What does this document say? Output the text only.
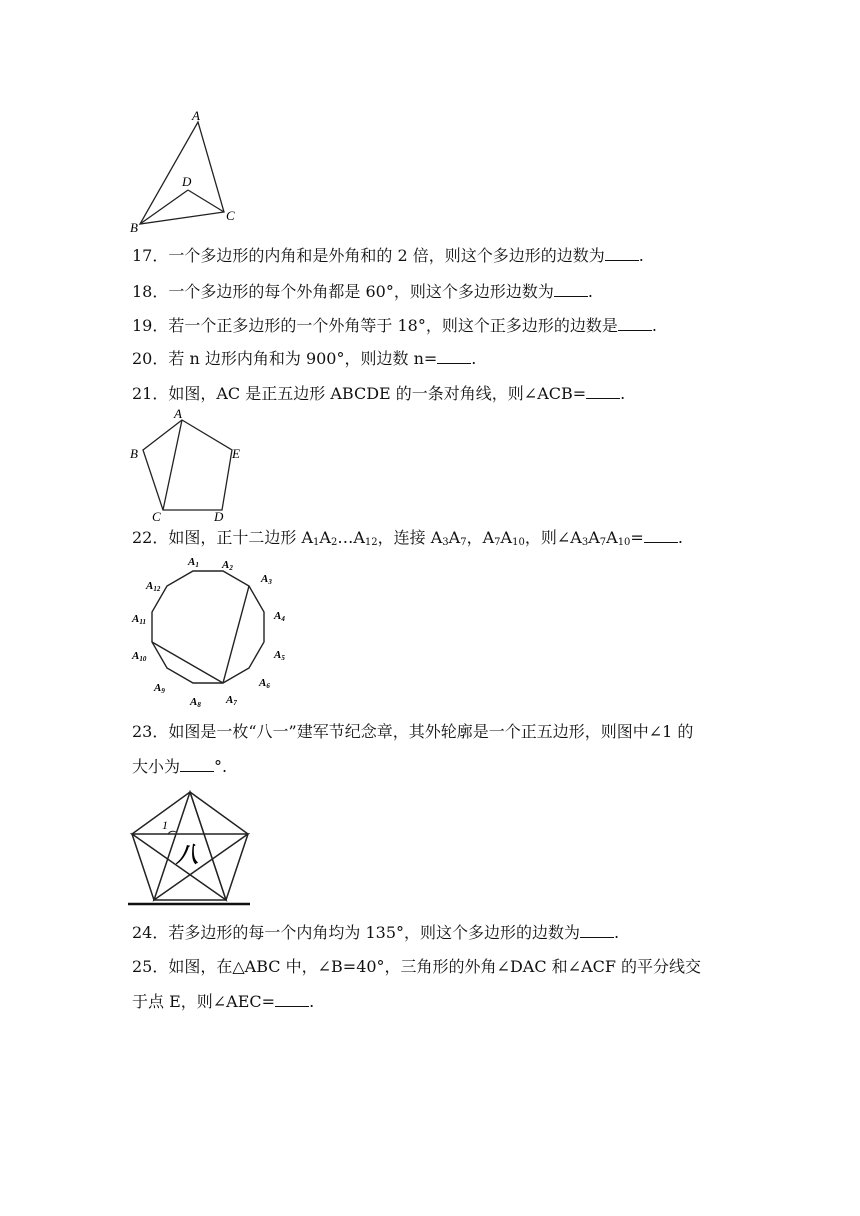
A
B
C
D
17．一个多边形的内角和是外角和的 2 倍，则这个多边形的边数为 .
18．一个多边形的每个外角都是 60°，则这个多边形边数为 .
19．若一个正多边形的一个外角等于 18°，则这个正多边形的边数是 .
20．若 n 边形内角和为 900°，则边数 n= .
21．如图，AC 是正五边形 ABCDE 的一条对角线，则∠ACB= .
A
B
C	D
E
22．如图，正十二边形 $A_1A_2\dots A_{12}$，连接 $A_3A_7$，$A_7A_{10}$，则$\angle A_3A_7A_{10}=$ .
A1 A2
A3
A4
A5
A6
A7
A8
A9
A10
A11
A12
23．如图是一枚“八一”建军节纪念章，其外轮廓是一个正五边形，则图中∠1 的
大小为 °.
1
八
24．若多边形的每一个内角均为 135°，则这个多边形的边数为 .
25．如图，在△ABC 中，∠B=40°，三角形的外角∠DAC 和∠ACF 的平分线交
于点 E，则∠AEC= .
